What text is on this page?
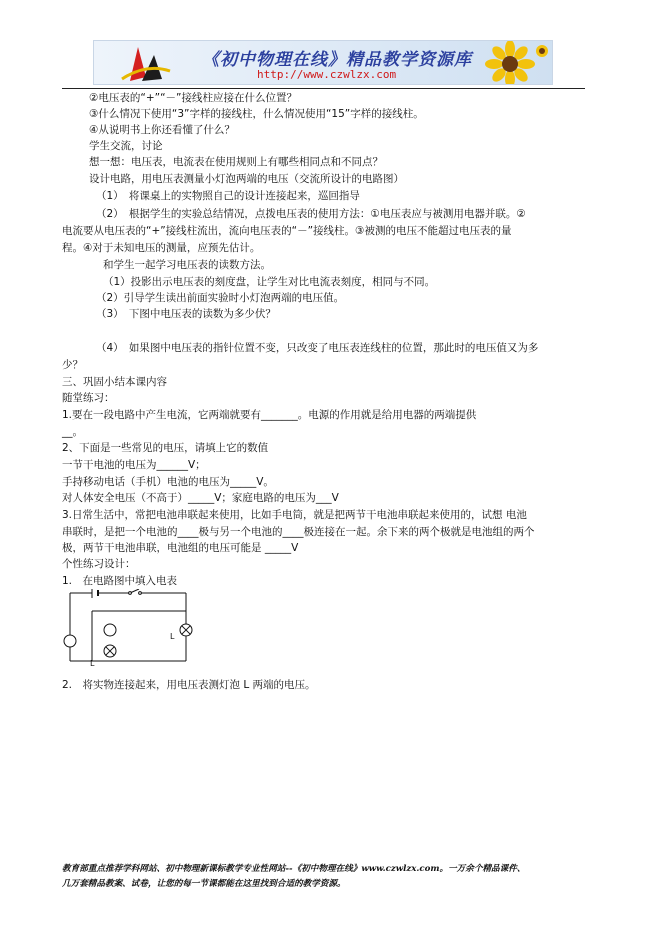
《初中物理在线》精品教学资源库
http://www.czwlzx.com
②电压表的“+”“－”接线柱应接在什么位置？
③什么情况下使用“3”字样的接线柱，什么情况使用“15”字样的接线柱。
④从说明书上你还看懂了什么？
学生交流，讨论
想一想：电压表，电流表在使用规则上有哪些相同点和不同点？
设计电路，用电压表测量小灯泡两端的电压（交流所设计的电路图）
（1）　将课桌上的实物照自己的设计连接起来，巡回指导
（2）　根据学生的实验总结情况，点拨电压表的使用方法：①电压表应与被测用电器并联。②
电流要从电压表的“+”接线柱流出，流向电压表的“－”接线柱。③被测的电压不能超过电压表的量
程。④对于未知电压的测量，应预先估计。
和学生一起学习电压表的读数方法。
（1）投影出示电压表的刻度盘，让学生对比电流表刻度，相同与不同。
（2）引导学生读出前面实验时小灯泡两端的电压值。
（3）　下图中电压表的读数为多少伏？
（4）　如果图中电压表的指针位置不变，只改变了电压表连线柱的位置，那此时的电压值又为多
少？
三、巩固小结本课内容
随堂练习：
1.要在一段电路中产生电流，它两端就要有_______。电源的作用就是给用电器的两端提供
__。
2、下面是一些常见的电压，请填上它的数值
一节干电池的电压为______V；
手持移动电话（手机）电池的电压为_____V。
对人体安全电压（不高于）_____V；家庭电路的电压为___V
3.日常生活中，常把电池串联起来使用，比如手电筒，就是把两节干电池串联起来使用的，试想 电池
串联时，是把一个电池的____极与另一个电池的____极连接在一起。余下来的两个极就是电池组的两个
极，两节干电池串联，电池组的电压可能是 _____V
个性练习设计：
1.　在电路图中填入电表
L
L
2.　将实物连接起来，用电压表测灯泡 L 两端的电压。
教育部重点推荐学科网站、初中物理新课标教学专业性网站--《初中物理在线》www.czwlzx.com。一万余个精品课件、
几万套精品教案、试卷，让您的每一节课都能在这里找到合适的教学资源。
